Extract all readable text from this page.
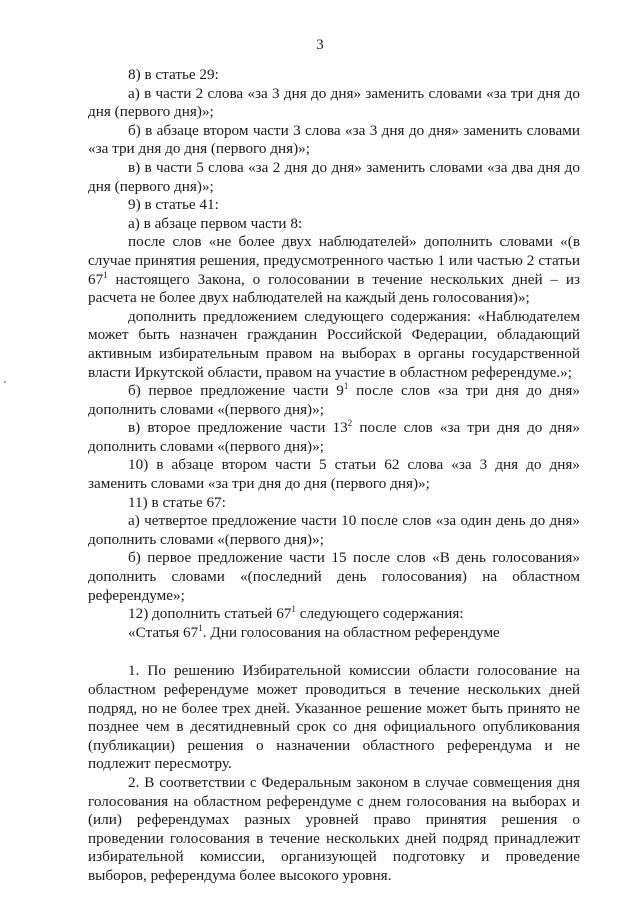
3

8) в статье 29:

а) в части 2 слова «за 3 дня до дня» заменить словами «за три дня до дня (первого дня)»;

б) в абзаце втором части 3 слова «за 3 дня до дня» заменить словами «за три дня до дня (первого дня)»;

в) в части 5 слова «за 2 дня до дня» заменить словами «за два дня до дня (первого дня)»;

9) в статье 41:

а) в абзаце первом части 8:

после слов «не более двух наблюдателей» дополнить словами «(в случае принятия решения, предусмотренного частью 1 или частью 2 статьи $67^1$ настоящего Закона, о голосовании в течение нескольких дней – из расчета не более двух наблюдателей на каждый день голосования)»;

дополнить предложением следующего содержания: «Наблюдателем может быть назначен гражданин Российской Федерации, обладающий активным избирательным правом на выборах в органы государственной власти Иркутской области, правом на участие в областном референдуме.»;

б) первое предложение части $9^1$ после слов «за три дня до дня» дополнить словами «(первого дня)»;

в) второе предложение части $13^2$ после слов «за три дня до дня» дополнить словами «(первого дня)»;

10) в абзаце втором части 5 статьи 62 слова «за 3 дня до дня» заменить словами «за три дня до дня (первого дня)»;

11) в статье 67:

а) четвертое предложение части 10 после слов «за один день до дня» дополнить словами «(первого дня)»;

б) первое предложение части 15 после слов «В день голосования» дополнить словами «(последний день голосования) на областном референдуме»;

12) дополнить статьей $67^1$ следующего содержания:

«Статья $67^1$. Дни голосования на областном референдуме

1. По решению Избирательной комиссии области голосование на областном референдуме может проводиться в течение нескольких дней подряд, но не более трех дней. Указанное решение может быть принято не позднее чем в десятидневный срок со дня официального опубликования (публикации) решения о назначении областного референдума и не подлежит пересмотру.

2. В соответствии с Федеральным законом в случае совмещения дня голосования на областном референдуме с днем голосования на выборах и (или) референдумах разных уровней право принятия решения о проведении голосования в течение нескольких дней подряд принадлежит избирательной комиссии, организующей подготовку и проведение выборов, референдума более высокого уровня.
